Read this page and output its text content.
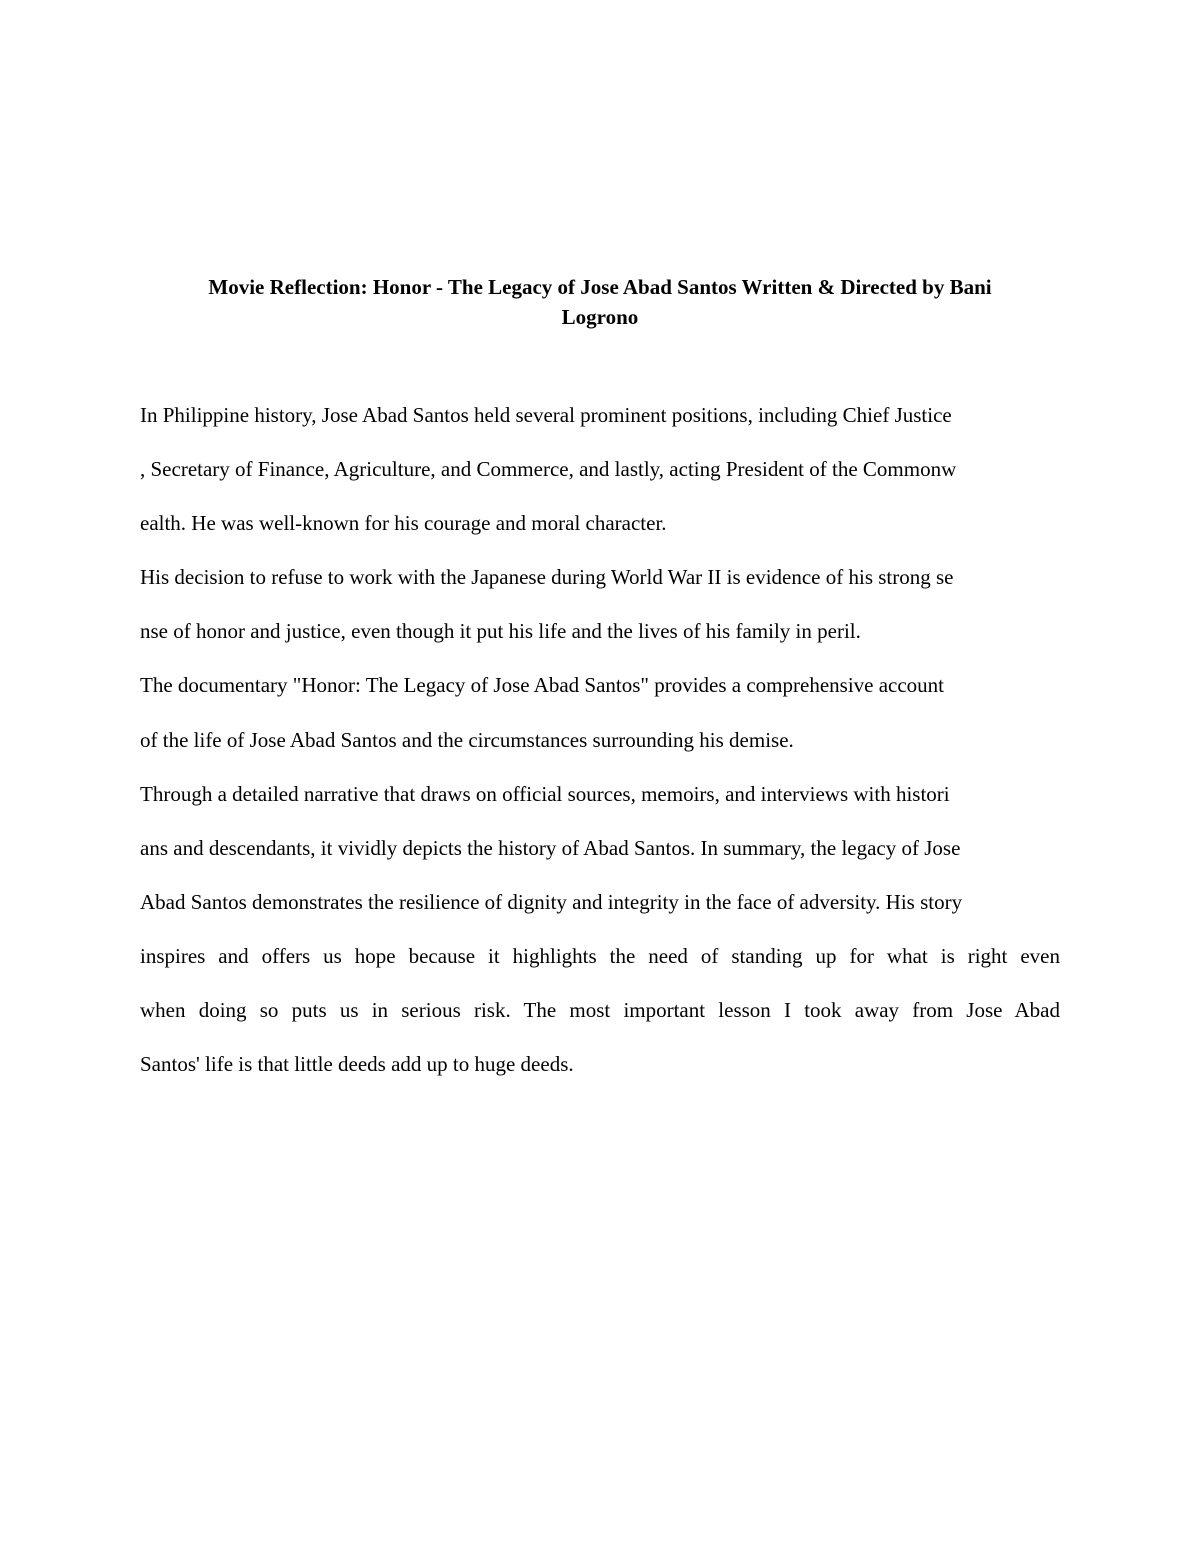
Movie Reflection: Honor - The Legacy of Jose Abad Santos Written & Directed by Bani
Logrono
In Philippine history, Jose Abad Santos held several prominent positions, including Chief Justice
, Secretary of Finance, Agriculture, and Commerce, and lastly, acting President of the Commonw
ealth. He was well-known for his courage and moral character.
His decision to refuse to work with the Japanese during World War II is evidence of his strong se
nse of honor and justice, even though it put his life and the lives of his family in peril.
The documentary "Honor: The Legacy of Jose Abad Santos" provides a comprehensive account
of the life of Jose Abad Santos and the circumstances surrounding his demise.
Through a detailed narrative that draws on official sources, memoirs, and interviews with histori
ans and descendants, it vividly depicts the history of Abad Santos. In summary, the legacy of Jose
Abad Santos demonstrates the resilience of dignity and integrity in the face of adversity. His story
inspires and offers us hope because it highlights the need of standing up for what is right even
when doing so puts us in serious risk. The most important lesson I took away from Jose Abad
Santos' life is that little deeds add up to huge deeds.
